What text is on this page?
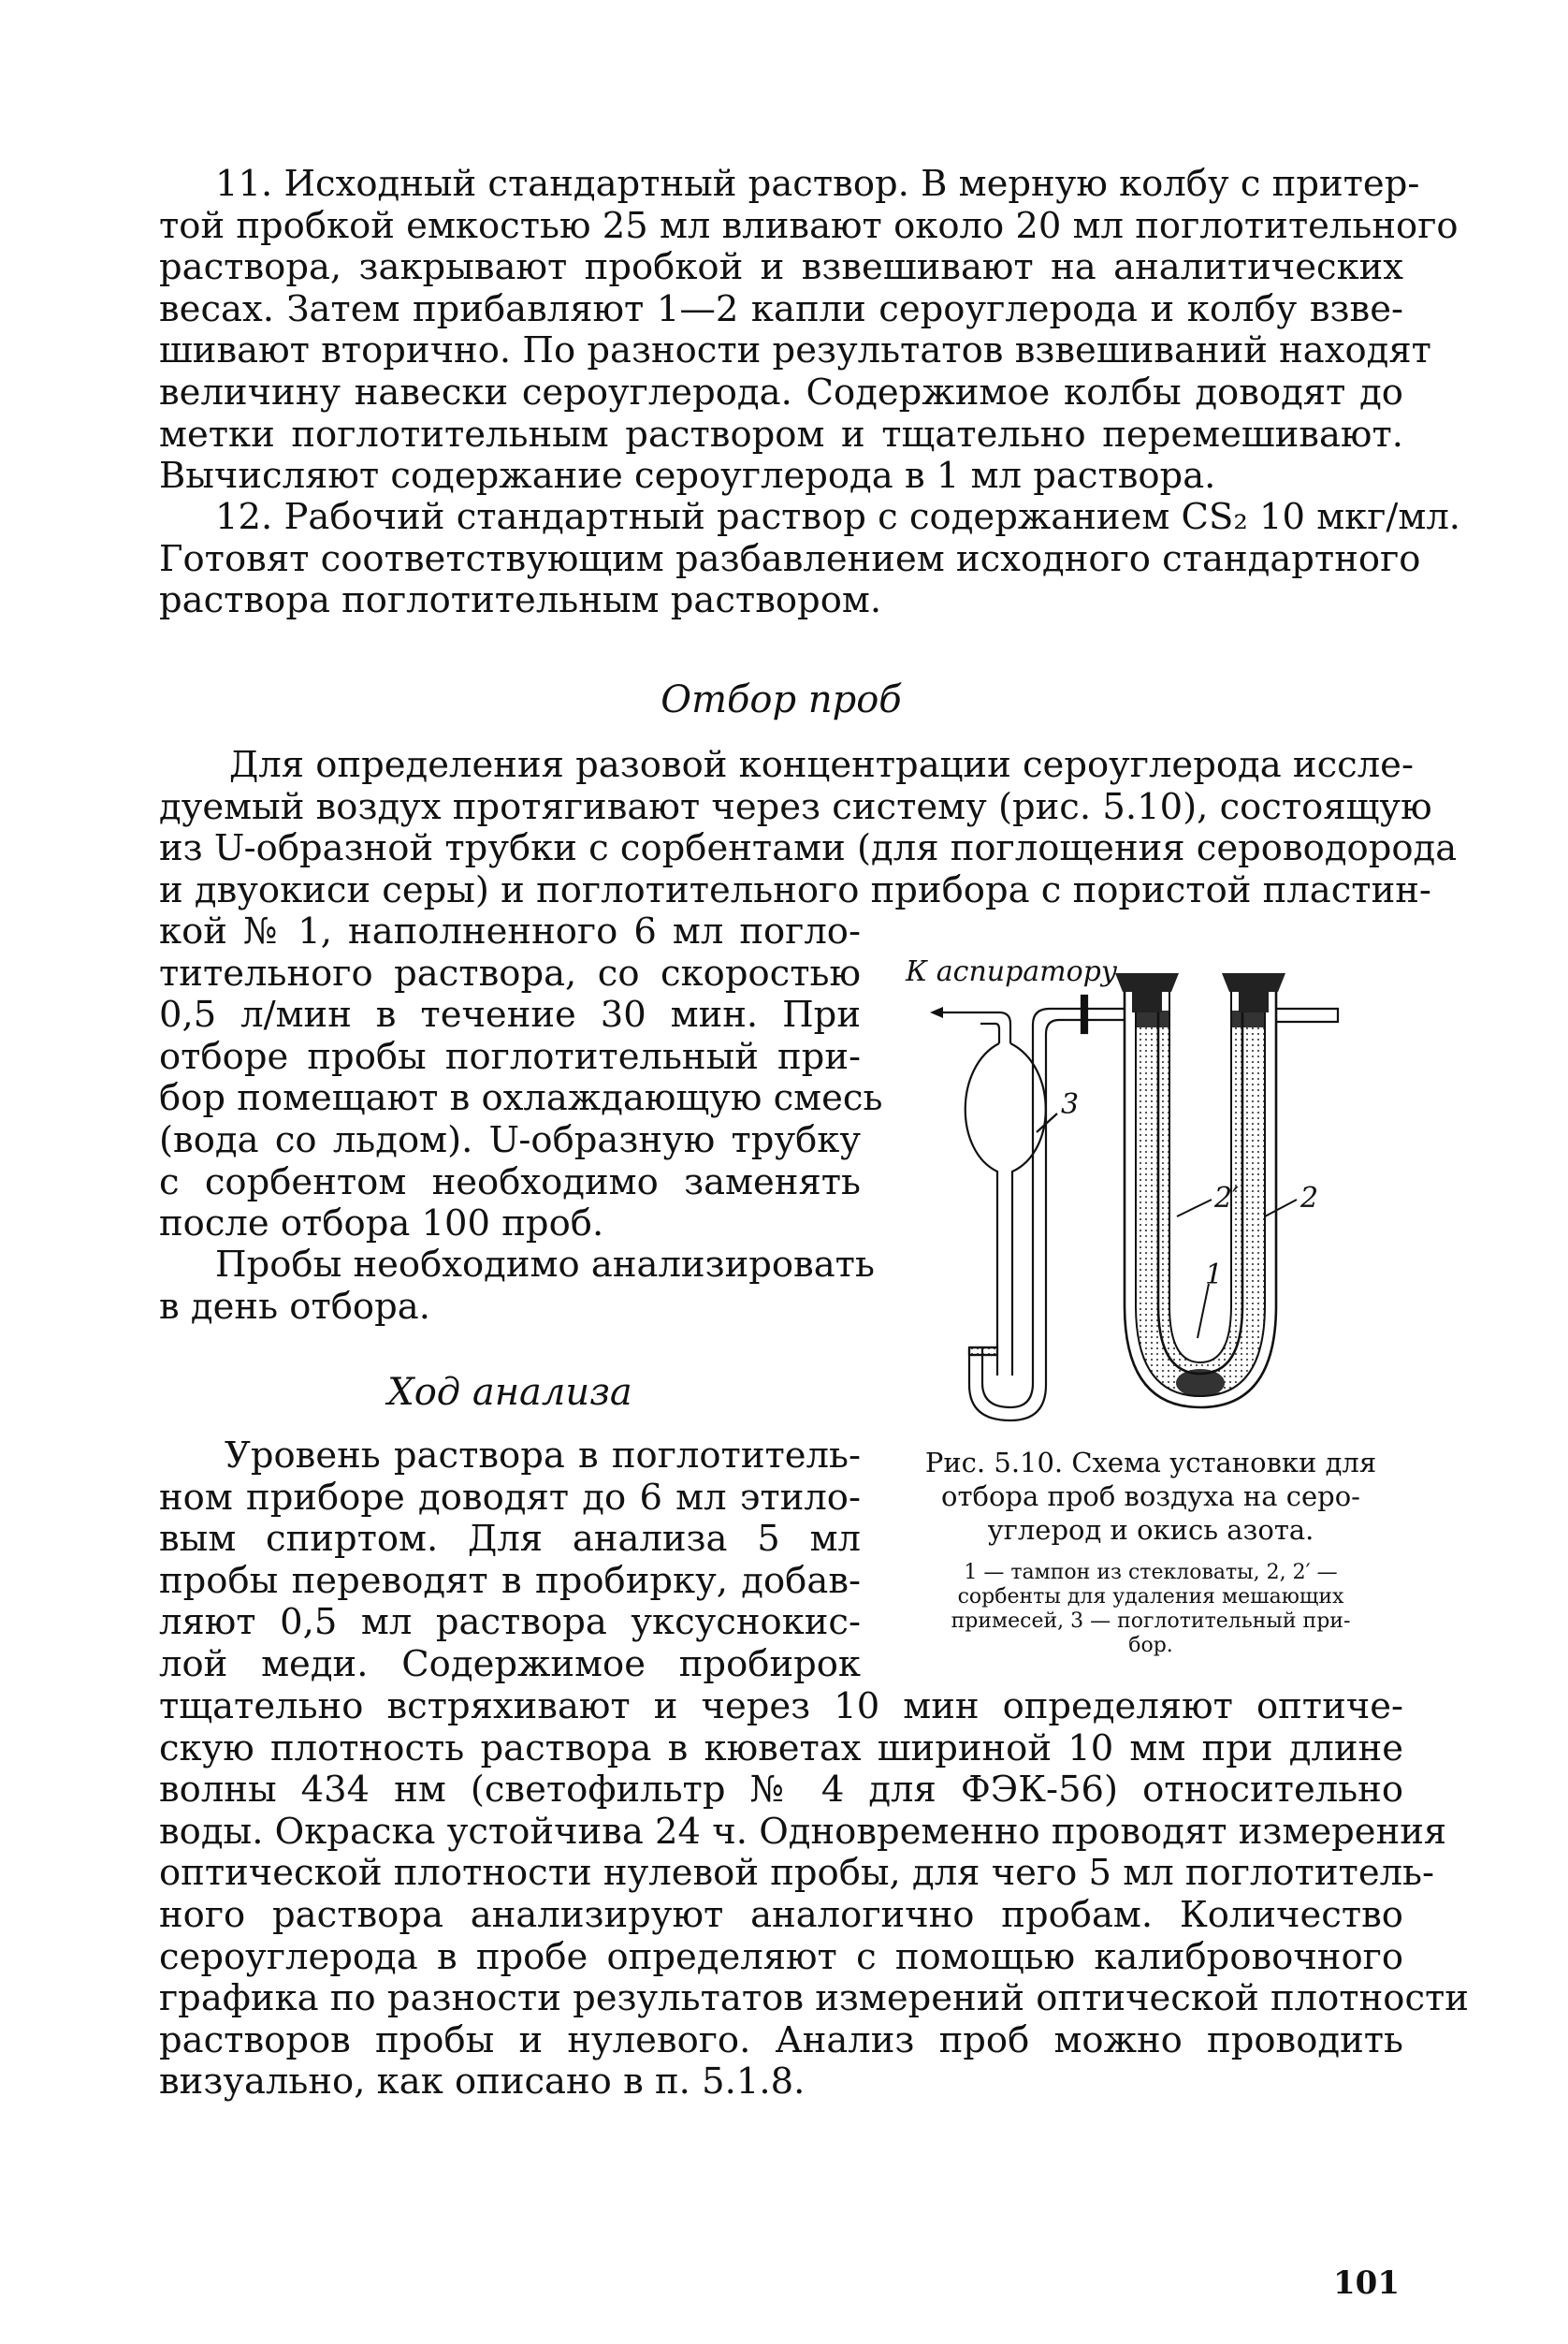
11. Исходный стандартный раствор. В мерную колбу с притер-
той пробкой емкостью 25 мл вливают около 20 мл поглотительного
раствора, закрывают пробкой и взвешивают на аналитических
весах. Затем прибавляют 1—2 капли сероуглерода и колбу взве-
шивают вторично. По разности результатов взвешиваний находят
величину навески сероуглерода. Содержимое колбы доводят до
метки поглотительным раствором и тщательно перемешивают.
Вычисляют содержание сероуглерода в 1 мл раствора.
12. Рабочий стандартный раствор с содержанием CS₂ 10 мкг/мл.
Готовят соответствующим разбавлением исходного стандартного
раствора поглотительным раствором.
Отбор проб
Для определения разовой концентрации сероуглерода иссле-
дуемый воздух протягивают через систему (рис. 5.10), состоящую
из U-образной трубки с сорбентами (для поглощения сероводорода
и двуокиси серы) и поглотительного прибора с пористой пластин-
кой № 1, наполненного 6 мл погло-
тительного раствора, со скоростью
0,5 л/мин в течение 30 мин. При
отборе пробы поглотительный при-
бор помещают в охлаждающую смесь
(вода со льдом). U-образную трубку
с сорбентом необходимо заменять
после отбора 100 проб.
Пробы необходимо анализировать
в день отбора.
Ход анализа
Уровень раствора в поглотитель-
ном приборе доводят до 6 мл этило-
вым спиртом. Для анализа 5 мл
пробы переводят в пробирку, добав-
ляют 0,5 мл раствора уксуснокис-
лой меди. Содержимое пробирок
тщательно встряхивают и через 10 мин определяют оптиче-
скую плотность раствора в кюветах шириной 10 мм при длине
волны 434 нм (светофильтр № 4 для ФЭК-56) относительно
воды. Окраска устойчива 24 ч. Одновременно проводят измерения
оптической плотности нулевой пробы, для чего 5 мл поглотитель-
ного раствора анализируют аналогично пробам. Количество
сероуглерода в пробе определяют с помощью калибровочного
графика по разности результатов измерений оптической плотности
растворов пробы и нулевого. Анализ проб можно проводить
визуально, как описано в п. 5.1.8.
К аспиратору
3
1
2′ 2
Рис. 5.10. Схема установки для
отбора проб воздуха на серо-
углерод и окись азота.
1 — тампон из стекловаты, 2, 2′ —
сорбенты для удаления мешающих
примесей, 3 — поглотительный при-
бор.
101
